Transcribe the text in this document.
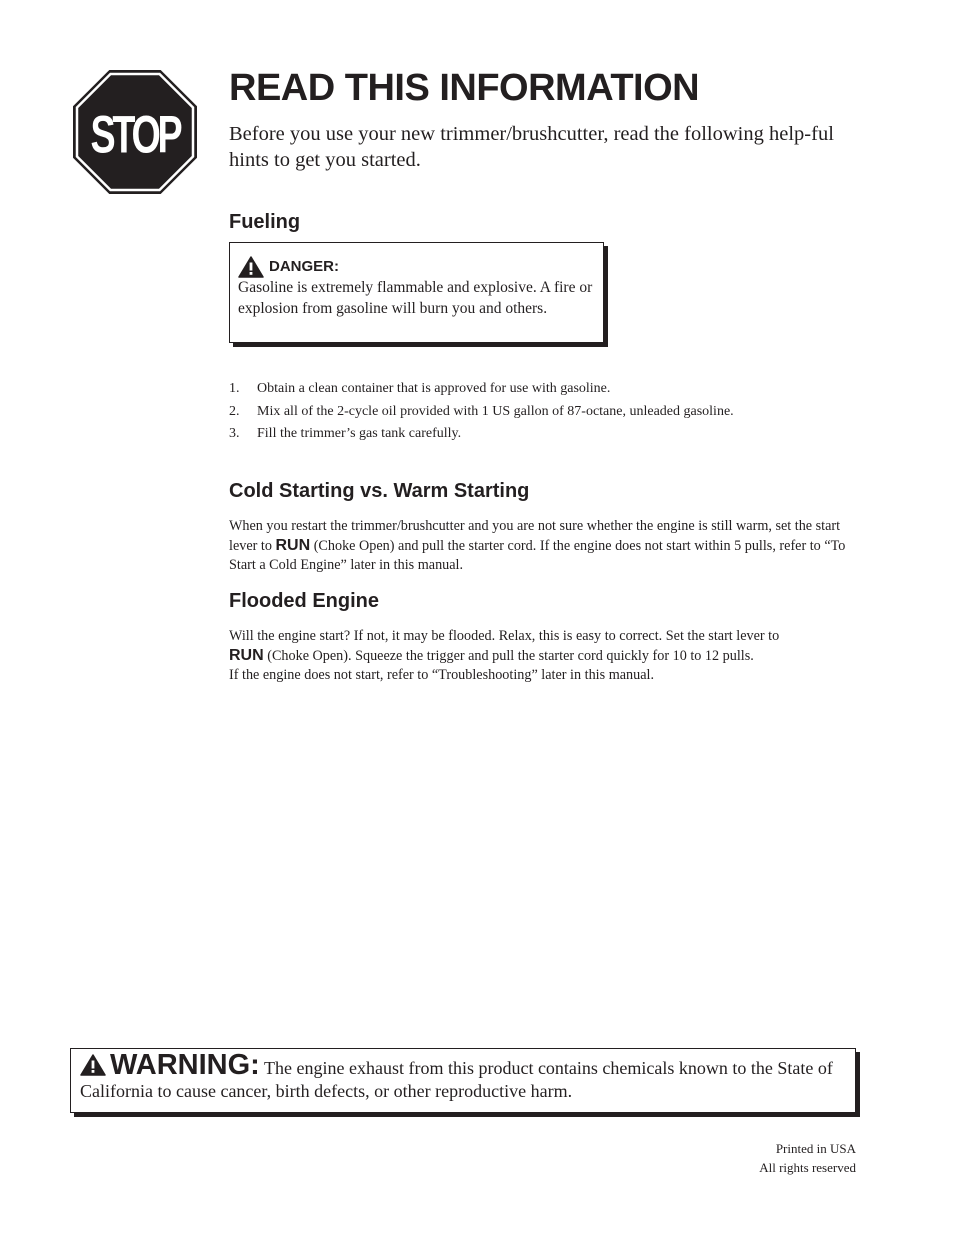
STOP
READ THIS INFORMATION

Before you use your new trimmer/brushcutter, read the following help-ful hints to get you started.

Fueling
DANGER:

Gasoline is extremely flammable and explosive. A fire or explosion from gasoline will burn you and others.

1. Obtain a clean container that is approved for use with gasoline.
2. Mix all of the 2-cycle oil provided with 1 US gallon of 87-octane, unleaded gasoline.
3. Fill the trimmer’s gas tank carefully.
Cold Starting vs. Warm Starting

When you restart the trimmer/brushcutter and you are not sure whether the engine is still warm, set the start lever to RUN (Choke Open) and pull the starter cord. If the engine does not start within 5 pulls, refer to “To Start a Cold Engine” later in this manual.

Flooded Engine

Will the engine start? If not, it may be flooded. Relax, this is easy to correct. Set the start lever to
RUN (Choke Open). Squeeze the trigger and pull the starter cord quickly for 10 to 12 pulls.
If the engine does not start, refer to “Troubleshooting” later in this manual.

WARNING: The engine exhaust from this product contains chemicals known to the State of California to cause cancer, birth defects, or other reproductive harm.
Printed in USA
All rights reserved
